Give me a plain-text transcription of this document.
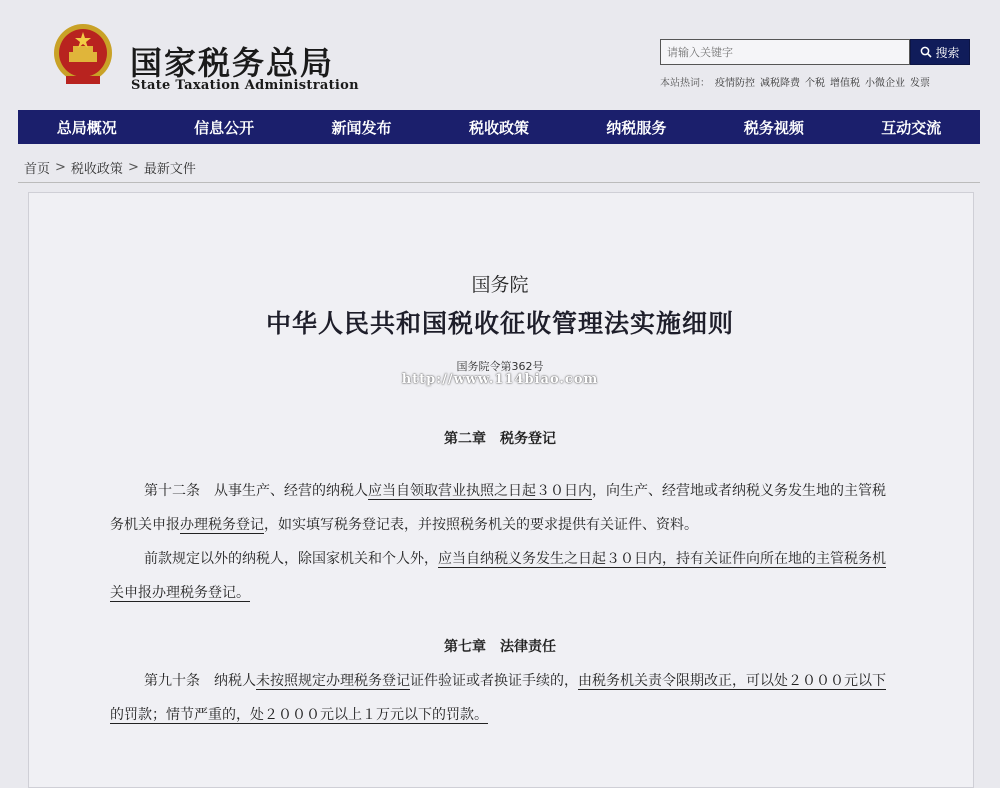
国家税务总局
State Taxation Administration
请输入关键字
搜索
本站热词： 疫情防控 减税降费 个税 增值税 小微企业 发票
总局概况	信息公开	新闻发布	税收政策	纳税服务	税务视频	互动交流
首页 > 税收政策 > 最新文件
国务院
中华人民共和国税收征收管理法实施细则
国务院令第362号
http://www.114biao.com
第二章　税务登记
第十二条　从事生产、经营的纳税人应当自领取营业执照之日起３０日内，向生产、经营地或者纳税义务发生地的主管税务机关申报办理税务登记，如实填写税务登记表，并按照税务机关的要求提供有关证件、资料。
前款规定以外的纳税人，除国家机关和个人外，应当自纳税义务发生之日起３０日内，持有关证件向所在地的主管税务机关申报办理税务登记。
第七章　法律责任
第九十条　纳税人未按照规定办理税务登记证件验证或者换证手续的，由税务机关责令限期改正，可以处２０００元以下的罚款；情节严重的，处２０００元以上１万元以下的罚款。
